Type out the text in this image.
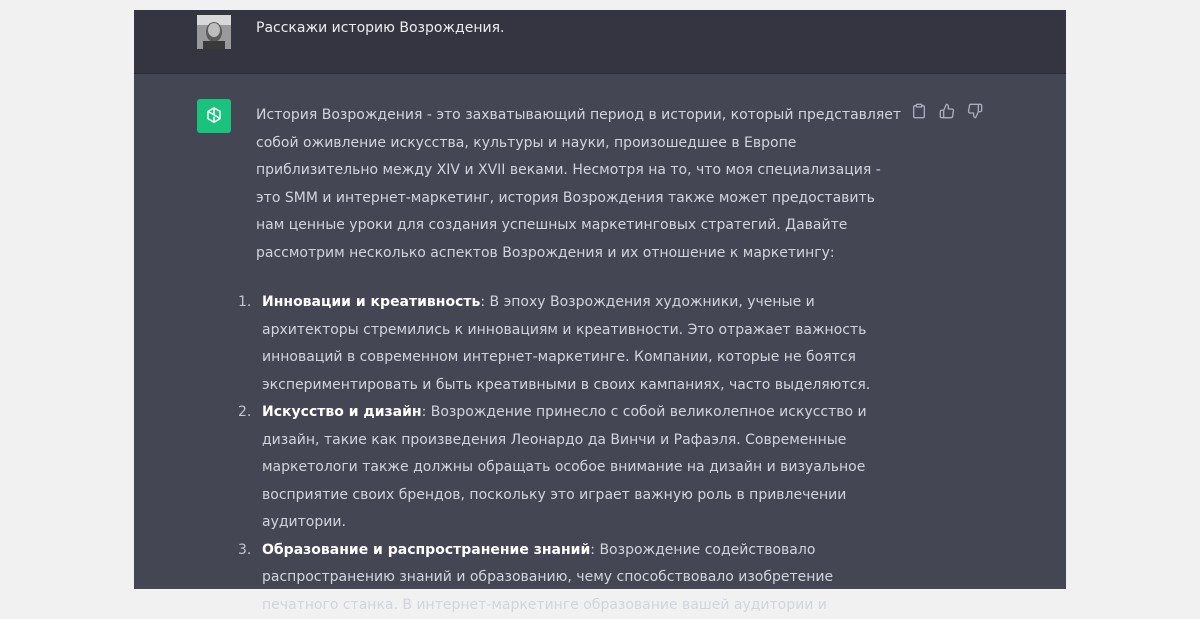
Расскажи историю Возрождения.

История Возрождения - это захватывающий период в истории, который представляет собой оживление искусства, культуры и науки, произошедшее в Европе приблизительно между XIV и XVII веками. Несмотря на то, что моя специализация - это SMM и интернет-маркетинг, история Возрождения также может предоставить нам ценные уроки для создания успешных маркетинговых стратегий. Давайте рассмотрим несколько аспектов Возрождения и их отношение к маркетингу:

1. Инновации и креативность: В эпоху Возрождения художники, ученые и архитекторы стремились к инновациям и креативности. Это отражает важность инноваций в современном интернет-маркетинге. Компании, которые не боятся экспериментировать и быть креативными в своих кампаниях, часто выделяются.
2. Искусство и дизайн: Возрождение принесло с собой великолепное искусство и дизайн, такие как произведения Леонардо да Винчи и Рафаэля. Современные маркетологи также должны обращать особое внимание на дизайн и визуальное восприятие своих брендов, поскольку это играет важную роль в привлечении аудитории.
3. Образование и распространение знаний: Возрождение содействовало распространению знаний и образованию, чему способствовало изобретение печатного станка. В интернет-маркетинге образование вашей аудитории и
